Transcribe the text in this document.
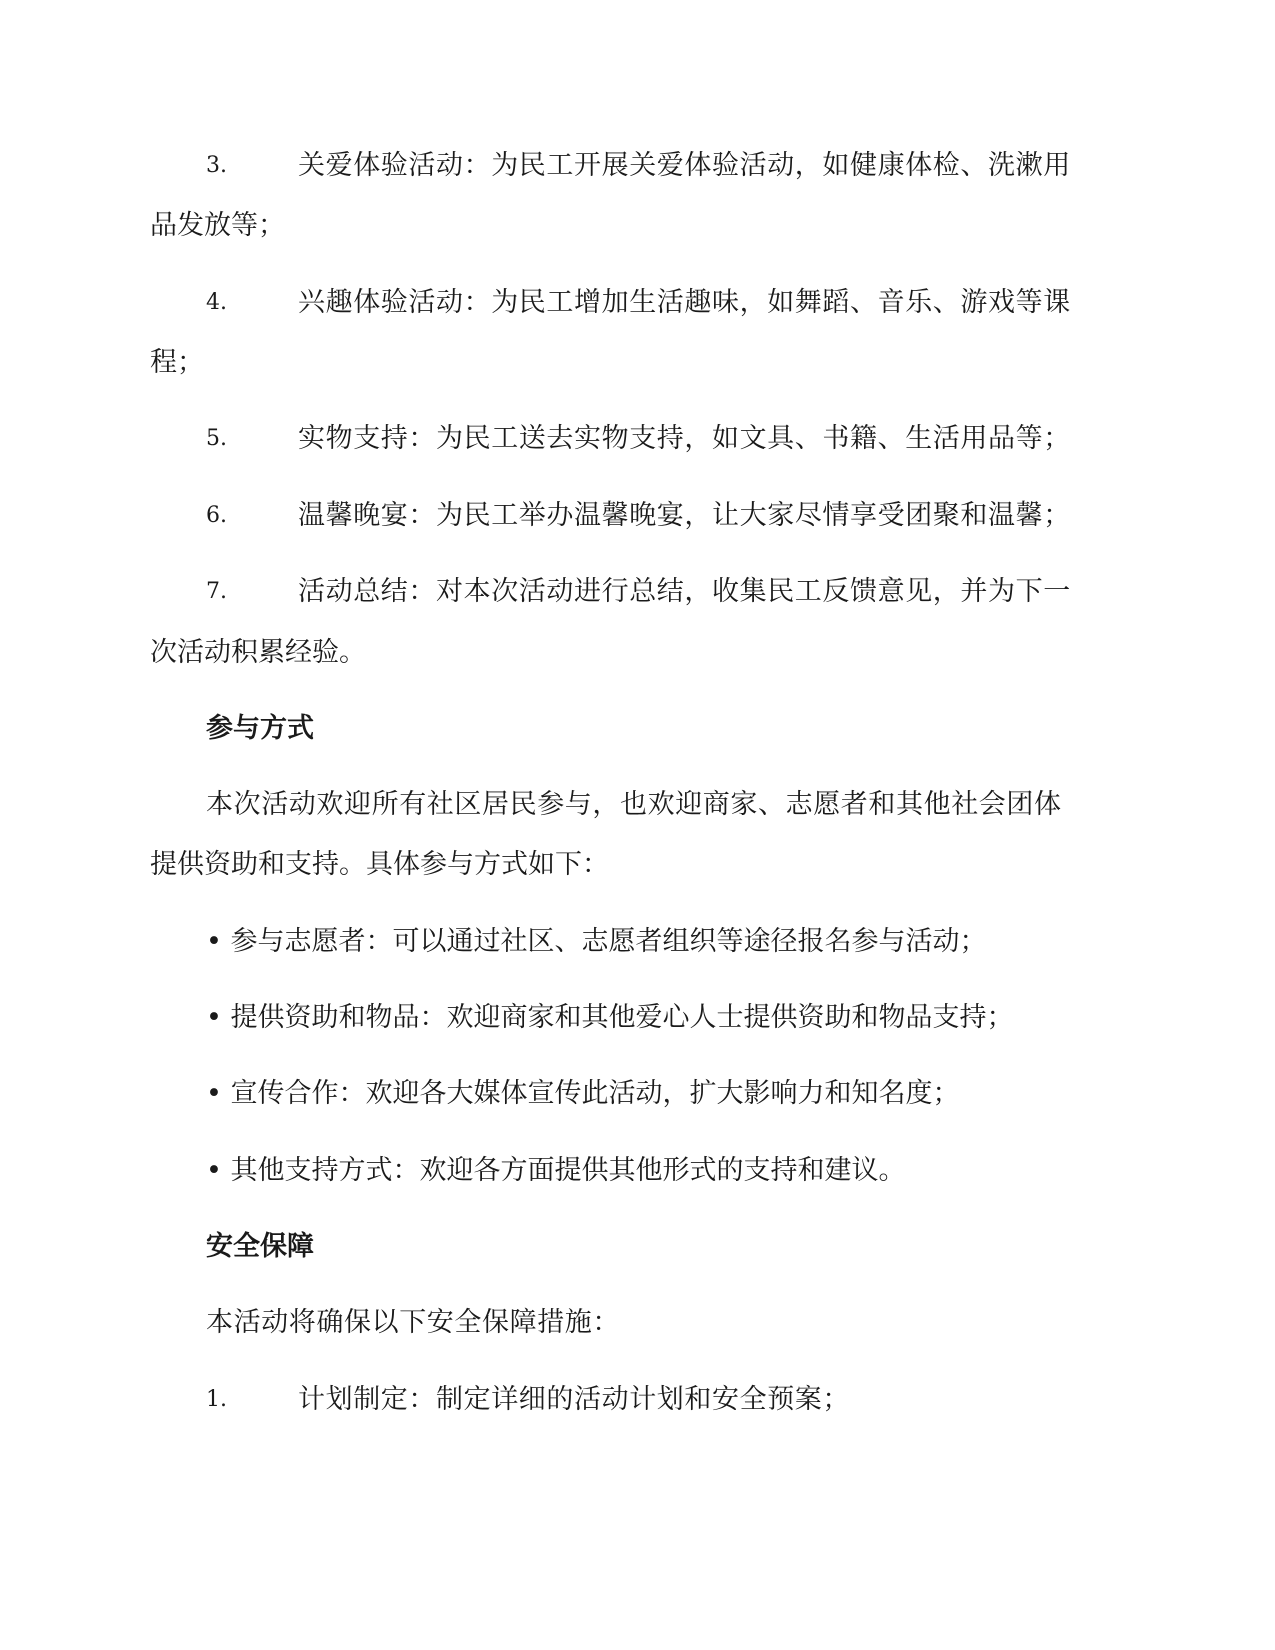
3.	关爱体验活动：为民工开展关爱体验活动，如健康体检、洗漱用
品发放等；
4.	兴趣体验活动：为民工增加生活趣味，如舞蹈、音乐、游戏等课
程；
5.	实物支持：为民工送去实物支持，如文具、书籍、生活用品等；
6.	温馨晚宴：为民工举办温馨晚宴，让大家尽情享受团聚和温馨；
7.	活动总结：对本次活动进行总结，收集民工反馈意见，并为下一
次活动积累经验。
参与方式
本次活动欢迎所有社区居民参与，也欢迎商家、志愿者和其他社会团体
提供资助和支持。具体参与方式如下：
• 参与志愿者：可以通过社区、志愿者组织等途径报名参与活动；
• 提供资助和物品：欢迎商家和其他爱心人士提供资助和物品支持；
• 宣传合作：欢迎各大媒体宣传此活动，扩大影响力和知名度；
• 其他支持方式：欢迎各方面提供其他形式的支持和建议。
安全保障
本活动将确保以下安全保障措施：
1.	计划制定：制定详细的活动计划和安全预案；
